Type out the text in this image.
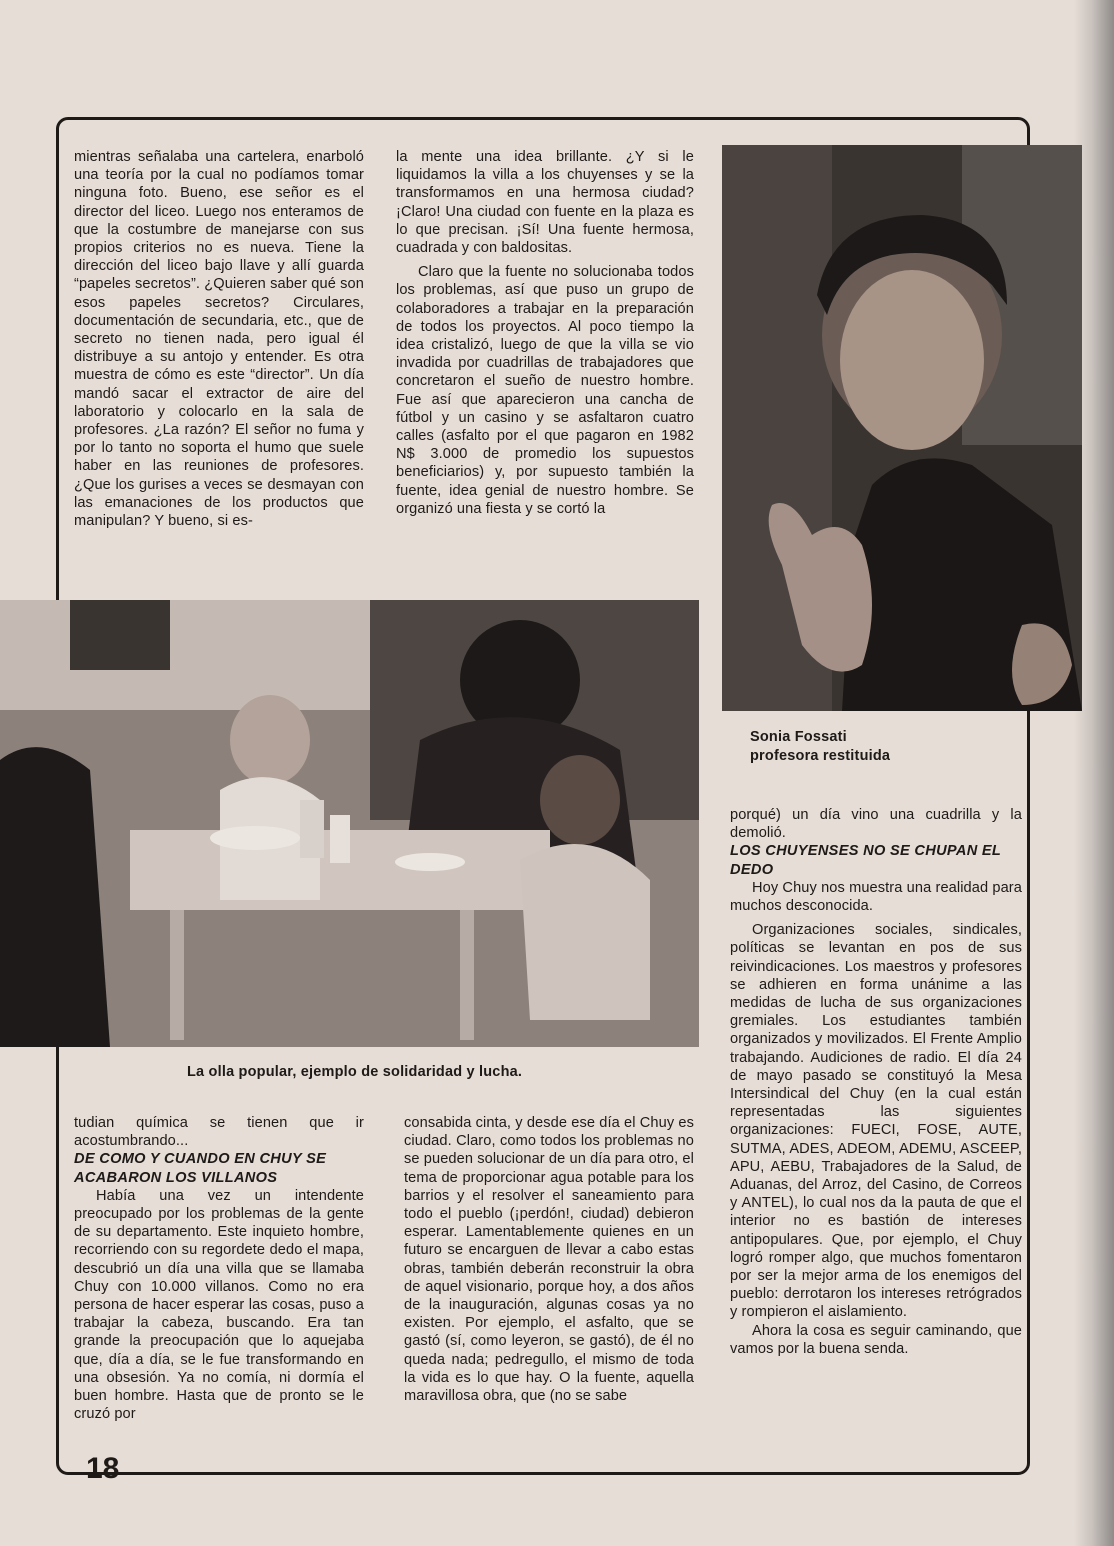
mientras señalaba una cartelera, enarboló una teoría por la cual no podíamos tomar ninguna foto. Bueno, ese señor es el director del liceo. Luego nos enteramos de que la costumbre de manejarse con sus propios criterios no es nueva. Tiene la dirección del liceo bajo llave y allí guarda “papeles secretos”. ¿Quieren saber qué son esos papeles secretos? Circulares, documentación de secundaria, etc., que de secreto no tienen nada, pero igual él distribuye a su antojo y entender. Es otra muestra de cómo es este “director”. Un día mandó sacar el extractor de aire del laboratorio y colocarlo en la sala de profesores. ¿La razón? El señor no fuma y por lo tanto no soporta el humo que suele haber en las reuniones de profesores. ¿Que los gurises a veces se desmayan con las emanaciones de los productos que manipulan? Y bueno, si es-

la mente una idea brillante. ¿Y si le liquidamos la villa a los chuyenses y se la transformamos en una hermosa ciudad? ¡Claro! Una ciudad con fuente en la plaza es lo que precisan. ¡Sí! Una fuente hermosa, cuadrada y con baldositas.

Claro que la fuente no solucionaba todos los problemas, así que puso un grupo de colaboradores a trabajar en la preparación de todos los proyectos. Al poco tiempo la idea cristalizó, luego de que la villa se vio invadida por cuadrillas de trabajadores que concretaron el sueño de nuestro hombre. Fue así que aparecieron una cancha de fútbol y un casino y se asfaltaron cuatro calles (asfalto por el que pagaron en 1982 N$ 3.000 de promedio los supuestos beneficiarios) y, por supuesto también la fuente, idea genial de nuestro hombre. Se organizó una fiesta y se cortó la

Sonia Fossati
profesora restituida
La olla popular, ejemplo de solidaridad y lucha.

tudian química se tienen que ir acostumbrando...

DE COMO Y CUANDO EN CHUY SE ACABARON LOS VILLANOS

Había una vez un intendente preocupado por los problemas de la gente de su departamento. Este inquieto hombre, recorriendo con su regordete dedo el mapa, descubrió un día una villa que se llamaba Chuy con 10.000 villanos. Como no era persona de hacer esperar las cosas, puso a trabajar la cabeza, buscando. Era tan grande la preocupación que lo aquejaba que, día a día, se le fue transformando en una obsesión. Ya no comía, ni dormía el buen hombre. Hasta que de pronto se le cruzó por

consabida cinta, y desde ese día el Chuy es ciudad. Claro, como todos los problemas no se pueden solucionar de un día para otro, el tema de proporcionar agua potable para los barrios y el resolver el saneamiento para todo el pueblo (¡perdón!, ciudad) debieron esperar. Lamentablemente quienes en un futuro se encarguen de llevar a cabo estas obras, también deberán reconstruir la obra de aquel visionario, porque hoy, a dos años de la inauguración, algunas cosas ya no existen. Por ejemplo, el asfalto, que se gastó (sí, como leyeron, se gastó), de él no queda nada; pedregullo, el mismo de toda la vida es lo que hay. O la fuente, aquella maravillosa obra, que (no se sabe

porqué) un día vino una cuadrilla y la demolió.

LOS CHUYENSES NO SE CHUPAN EL DEDO

Hoy Chuy nos muestra una realidad para muchos desconocida.

Organizaciones sociales, sindicales, políticas se levantan en pos de sus reivindicaciones. Los maestros y profesores se adhieren en forma unánime a las medidas de lucha de sus organizaciones gremiales. Los estudiantes también organizados y movilizados. El Frente Amplio trabajando. Audiciones de radio. El día 24 de mayo pasado se constituyó la Mesa Intersindical del Chuy (en la cual están representadas las siguientes organizaciones: FUECI, FOSE, AUTE, SUTMA, ADES, ADEOM, ADEMU, ASCEEP, APU, AEBU, Trabajadores de la Salud, de Aduanas, del Arroz, del Casino, de Correos y ANTEL), lo cual nos da la pauta de que el interior no es bastión de intereses antipopulares. Que, por ejemplo, el Chuy logró romper algo, que muchos fomentaron por ser la mejor arma de los enemigos del pueblo: derrotaron los intereses retrógrados y rompieron el aislamiento.

Ahora la cosa es seguir caminando, que vamos por la buena senda.

18
